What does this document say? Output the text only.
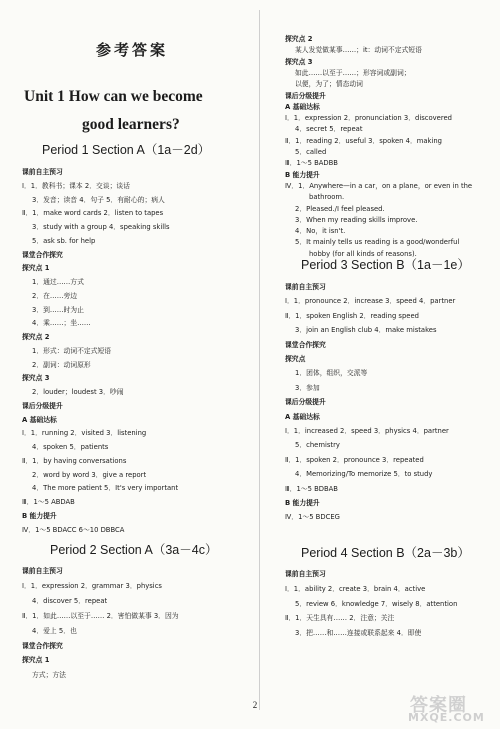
参考答案
Unit 1 How can we become
good learners?
Period 1 Section A（1a－2d）
课前自主预习
Ⅰ．1．教科书；课本 2．交谈；谈话
3．发音；读音 4．句子 5．有耐心的；病人
Ⅱ．1．make word cards 2．listen to tapes
3．study with a group 4．speaking skills
5．ask sb. for help
课堂合作探究
探究点 1
1．通过……方式
2．在……旁边
3．到……时为止
4．乘……；坐……
探究点 2
1．形式：动词不定式短语
2．副词：动词原形
探究点 3
2．louder；loudest 3．吵闹
课后分级提升
A 基础达标
Ⅰ．1．running 2．visited 3．listening
4．spoken 5．patients
Ⅱ．1．by having conversations
2．word by word 3．give a report
4．The more patient 5．It's very important
Ⅲ．1～5 ABDAB
B 能力提升
Ⅳ．1～5 BDACC 6～10 DBBCA
Period 2 Section A（3a－4c）
课前自主预习
Ⅰ．1．expression 2．grammar 3．physics
4．discover 5．repeat
Ⅱ．1．如此……以至于…… 2．害怕做某事 3．因为
4．爱上 5．也
课堂合作探究
探究点 1
方式；方法
探究点 2
某人发觉做某事……；it：动词不定式短语
探究点 3
如此……以至于……；形容词或副词；
以便，为了；情态动词
课后分级提升
A 基础达标
Ⅰ．1．expression 2．pronunciation 3．discovered
4．secret 5．repeat
Ⅱ．1．reading 2．useful 3．spoken 4．making
5．called
Ⅲ．1～5 BADBB
B 能力提升
Ⅳ．1．Anywhere—in a car，on a plane，or even in the
bathroom.
2．Pleased./I feel pleased.
3．When my reading skills improve.
4．No，it isn't.
5．It mainly tells us reading is a good/wonderful
hobby (for all kinds of reasons).
Period 3 Section B（1a－1e）
课前自主预习
Ⅰ．1．pronounce 2．increase 3．speed 4．partner
Ⅱ．1．spoken English 2．reading speed
3．join an English club 4．make mistakes
课堂合作探究
探究点
1．团体，组织，交派等
3．参加
课后分级提升
A 基础达标
Ⅰ．1．increased 2．speed 3．physics 4．partner
5．chemistry
Ⅱ．1．spoken 2．pronounce 3．repeated
4．Memorizing/To memorize 5．to study
Ⅲ．1～5 BDBAB
B 能力提升
Ⅳ．1～5 BDCEG
Period 4 Section B（2a－3b）
课前自主预习
Ⅰ．1．ability 2．create 3．brain 4．active
5．review 6．knowledge 7．wisely 8．attention
Ⅱ．1．天生具有…… 2．注意；关注
3．把……和……连接或联系起来 4．即使
2	答案圈
MXQE.COM
